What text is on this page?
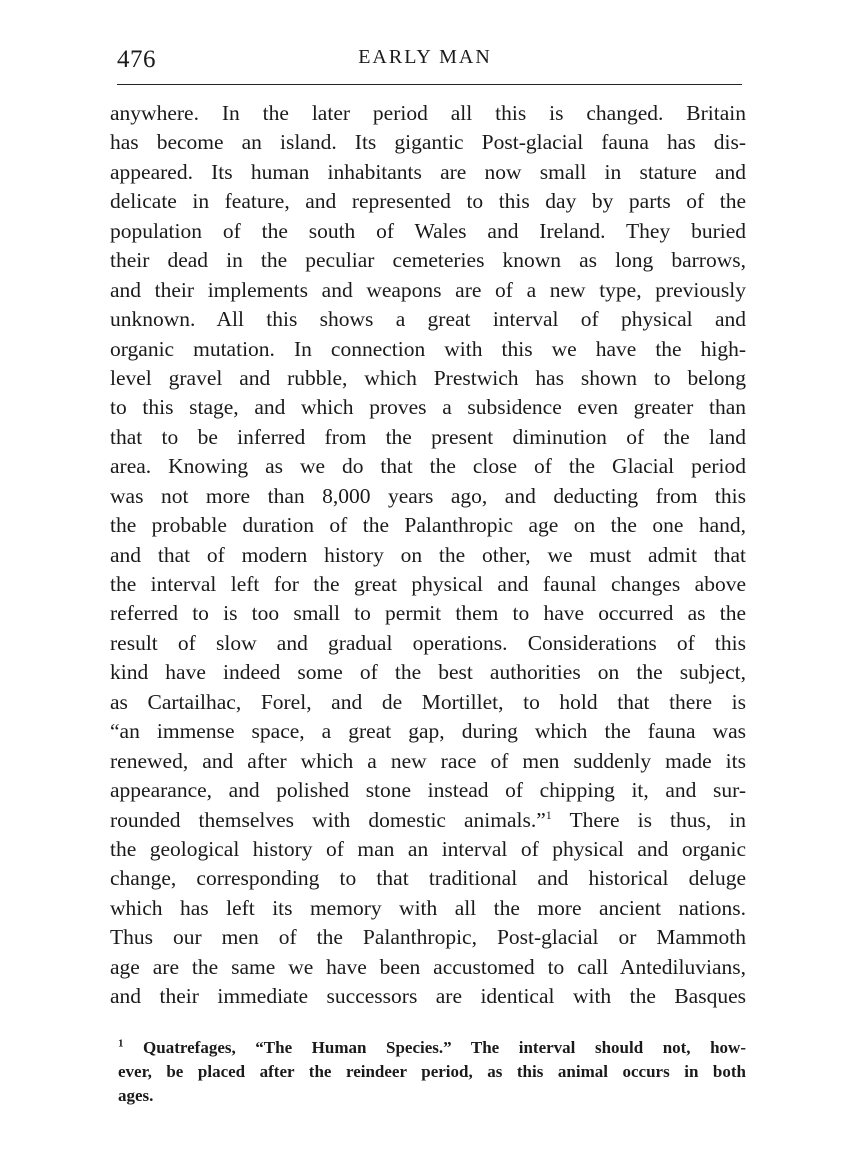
476	EARLY MAN
anywhere. In the later period all this is changed. Britain
has become an island. Its gigantic Post-glacial fauna has dis-
appeared. Its human inhabitants are now small in stature and
delicate in feature, and represented to this day by parts of the
population of the south of Wales and Ireland. They buried
their dead in the peculiar cemeteries known as long barrows,
and their implements and weapons are of a new type, previously
unknown. All this shows a great interval of physical and
organic mutation. In connection with this we have the high-
level gravel and rubble, which Prestwich has shown to belong
to this stage, and which proves a subsidence even greater than
that to be inferred from the present diminution of the land
area. Knowing as we do that the close of the Glacial period
was not more than 8,000 years ago, and deducting from this
the probable duration of the Palanthropic age on the one hand,
and that of modern history on the other, we must admit that
the interval left for the great physical and faunal changes above
referred to is too small to permit them to have occurred as the
result of slow and gradual operations. Considerations of this
kind have indeed some of the best authorities on the subject,
as Cartailhac, Forel, and de Mortillet, to hold that there is
“an immense space, a great gap, during which the fauna was
renewed, and after which a new race of men suddenly made its
appearance, and polished stone instead of chipping it, and sur-
rounded themselves with domestic animals.”$^1$ There is thus, in
the geological history of man an interval of physical and organic
change, corresponding to that traditional and historical deluge
which has left its memory with all the more ancient nations.
Thus our men of the Palanthropic, Post-glacial or Mammoth
age are the same we have been accustomed to call Antediluvians,
and their immediate successors are identical with the Basques
$^1$ Quatrefages, “The Human Species.” The interval should not, how-
ever, be placed after the reindeer period, as this animal occurs in both
ages.
